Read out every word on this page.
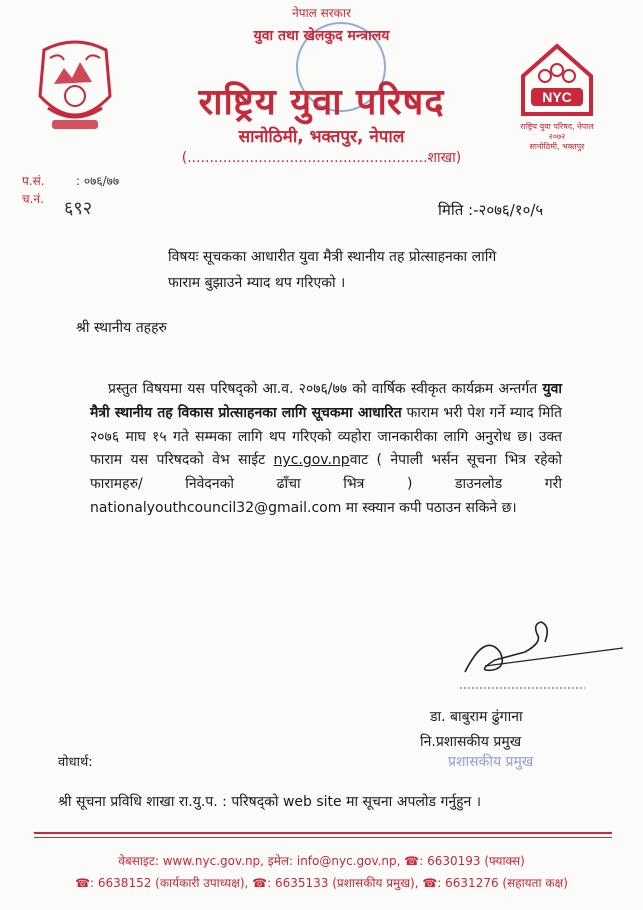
नेपाल सरकार
युवा तथा खेलकुद मन्त्रालय
राष्ट्रिय युवा परिषद
सानोठिमी, भक्तपुर, नेपाल
(......................................................शाखा)
NYC
राष्ट्रिय युवा परिषद, नेपाल
२०७२
सानोठिमी, भक्तपुर
प.सं.	: ०७६/७७
च.नं. ६९२	मिति :-२०७६/१०/५
विषयः सूचकका आधारीत युवा मैत्री स्थानीय तह प्रोत्साहनका लागि
फाराम बुझाउने म्याद थप गरिएको ।
श्री स्थानीय तहहरु
प्रस्तुत विषयमा यस परिषद्को आ.व. २०७६/७७ को वार्षिक स्वीकृत कार्यक्रम अन्तर्गत युवा मैत्री स्थानीय तह विकास प्रोत्साहनका लागि सूचकमा आधारित फाराम भरी पेश गर्ने म्याद मिति २०७६ माघ १५ गते सम्मका लागि थप गरिएको व्यहोरा जानकारीका लागि अनुरोध छ। उक्त फाराम यस परिषदको वेभ साईट nyc.gov.npवाट ( नेपाली भर्सन सूचना भित्र रहेको फारामहरु/ निवेदनको ढाँचा भित्र ) डाउनलोड गरी nationalyouthcouncil32@gmail.com मा स्क्यान कपी पठाउन सकिने छ।
डा. बाबुराम ढुंगाना
नि.प्रशासकीय प्रमुख
प्रशासकीय प्रमुख
वोधार्थ:
श्री सूचना प्रविधि शाखा रा.यु.प. : परिषद्को web site मा सूचना अपलोड गर्नुहुन ।
वेबसाइट: www.nyc.gov.np, इमेल: info@nyc.gov.np, ☎: 6630193 (फ्याक्स)
☎: 6638152 (कार्यकारी उपाध्यक्ष), ☎: 6635133 (प्रशासकीय प्रमुख), ☎: 6631276 (सहायता कक्ष)
